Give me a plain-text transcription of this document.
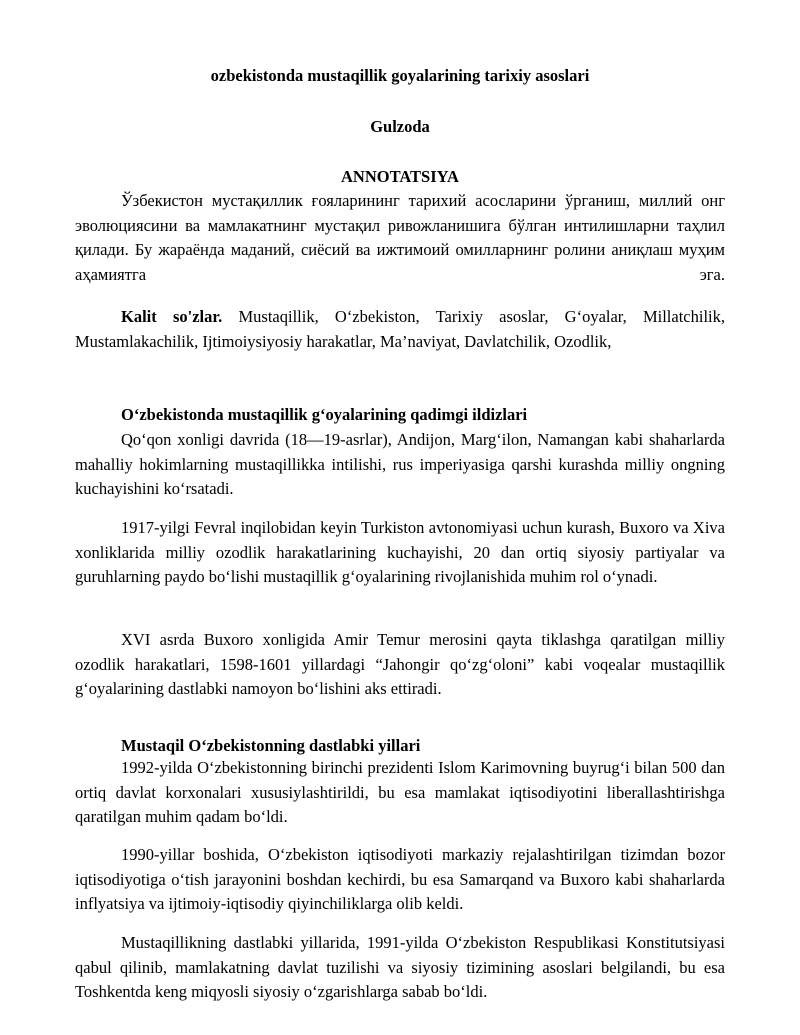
ozbekistonda mustaqillik goyalarining tarixiy asoslari
Gulzoda
ANNOTATSIYA

Ўзбекистон мустақиллик ғояларининг тарихий асосларини ўрганиш, миллий онг эволюциясини ва мамлакатнинг мустақил ривожланишига бўлган интилишларни таҳлил қилади. Бу жараёнда маданий, сиёсий ва ижтимоий омилларнинг ролини аниқлаш муҳим аҳамиятга эга.

Kalit so'zlar. Mustaqillik, O‘zbekiston, Tarixiy asoslar, G‘oyalar, Millatchilik, Mustamlakachilik, Ijtimoiysiyosiy harakatlar, Ma’naviyat, Davlatchilik, Ozodlik,

O‘zbekistonda mustaqillik g‘oyalarining qadimgi ildizlari

Qo‘qon xonligi davrida (18—19-asrlar), Andijon, Marg‘ilon, Namangan kabi shaharlarda mahalliy hokimlarning mustaqillikka intilishi, rus imperiyasiga qarshi kurashda milliy ongning kuchayishini ko‘rsatadi.

1917-yilgi Fevral inqilobidan keyin Turkiston avtonomiyasi uchun kurash, Buxoro va Xiva xonliklarida milliy ozodlik harakatlarining kuchayishi, 20 dan ortiq siyosiy partiyalar va guruhlarning paydo bo‘lishi mustaqillik g‘oyalarining rivojlanishida muhim rol o‘ynadi.

XVI asrda Buxoro xonligida Amir Temur merosini qayta tiklashga qaratilgan milliy ozodlik harakatlari, 1598-1601 yillardagi “Jahongir qo‘zg‘oloni” kabi voqealar mustaqillik g‘oyalarining dastlabki namoyon bo‘lishini aks ettiradi.

Mustaqil O‘zbekistonning dastlabki yillari

1992-yilda O‘zbekistonning birinchi prezidenti Islom Karimovning buyrug‘i bilan 500 dan ortiq davlat korxonalari xususiylashtirildi, bu esa mamlakat iqtisodiyotini liberallashtirishga qaratilgan muhim qadam bo‘ldi.

1990-yillar boshida, O‘zbekiston iqtisodiyoti markaziy rejalashtirilgan tizimdan bozor iqtisodiyotiga o‘tish jarayonini boshdan kechirdi, bu esa Samarqand va Buxoro kabi shaharlarda inflyatsiya va ijtimoiy-iqtisodiy qiyinchiliklarga olib keldi.

Mustaqillikning dastlabki yillarida, 1991-yilda O‘zbekiston Respublikasi Konstitutsiyasi qabul qilinib, mamlakatning davlat tuzilishi va siyosiy tizimining asoslari belgilandi, bu esa Toshkentda keng miqyosli siyosiy o‘zgarishlarga sabab bo‘ldi.
